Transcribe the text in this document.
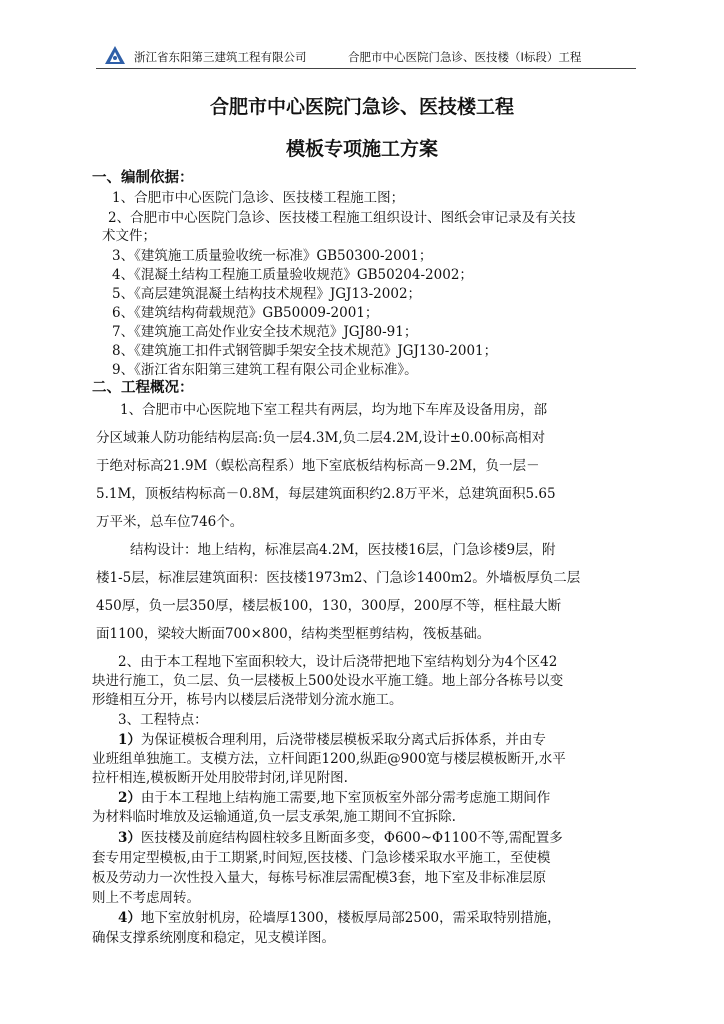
浙江省东阳第三建筑工程有限公司	合肥市中心医院门急诊、医技楼（Ⅰ标段）工程
合肥市中心医院门急诊、医技楼工程
模板专项施工方案
一、编制依据：
1、合肥市中心医院门急诊、医技楼工程施工图；
2、合肥市中心医院门急诊、医技楼工程施工组织设计、图纸会审记录及有关技
术文件；
3、《建筑施工质量验收统一标准》GB50300-2001；
4、《混凝土结构工程施工质量验收规范》GB50204-2002；
5、《高层建筑混凝土结构技术规程》JGJ13-2002；
6、《建筑结构荷载规范》GB50009-2001；
7、《建筑施工高处作业安全技术规范》JGJ80-91；
8、《建筑施工扣件式钢管脚手架安全技术规范》JGJ130-2001；
9、《浙江省东阳第三建筑工程有限公司企业标准》。
二、工程概况：
1、合肥市中心医院地下室工程共有两层，均为地下车库及设备用房，部
分区域兼人防功能结构层高:负一层4.3M,负二层4.2M,设计±0.00标高相对
于绝对标高21.9M（蜈松高程系）地下室底板结构标高－9.2M，负一层－
5.1M，顶板结构标高－0.8M，每层建筑面积约2.8万平米，总建筑面积5.65
万平米，总车位746个。
结构设计：地上结构，标准层高4.2M，医技楼16层，门急诊楼9层，附
楼1-5层，标准层建筑面积：医技楼1973m2、门急诊1400m2。外墙板厚负二层
450厚，负一层350厚，楼层板100，130，300厚，200厚不等，框柱最大断
面1100，梁较大断面700×800，结构类型框剪结构，筏板基础。
2、由于本工程地下室面积较大，设计后浇带把地下室结构划分为4个区42
块进行施工，负二层、负一层楼板上500处设水平施工缝。地上部分各栋号以变
形缝相互分开，栋号内以楼层后浇带划分流水施工。
3、工程特点：
1）为保证模板合理利用，后浇带楼层模板采取分离式后拆体系，并由专
业班组单独施工。支模方法，立杆间距1200,纵距@900宽与楼层模板断开,水平
拉杆相连,模板断开处用胶带封闭,详见附图.
2）由于本工程地上结构施工需要,地下室顶板室外部分需考虑施工期间作
为材料临时堆放及运输通道,负一层支承架,施工期间不宜拆除.
3）医技楼及前庭结构圆柱较多且断面多变，Φ600~Φ1100不等,需配置多
套专用定型模板,由于工期紧,时间短,医技楼、门急诊楼采取水平施工，至使模
板及劳动力一次性投入量大，每栋号标准层需配模3套，地下室及非标准层原
则上不考虑周转。
4）地下室放射机房，砼墙厚1300，楼板厚局部2500，需采取特别措施，
确保支撑系统刚度和稳定，见支模详图。
